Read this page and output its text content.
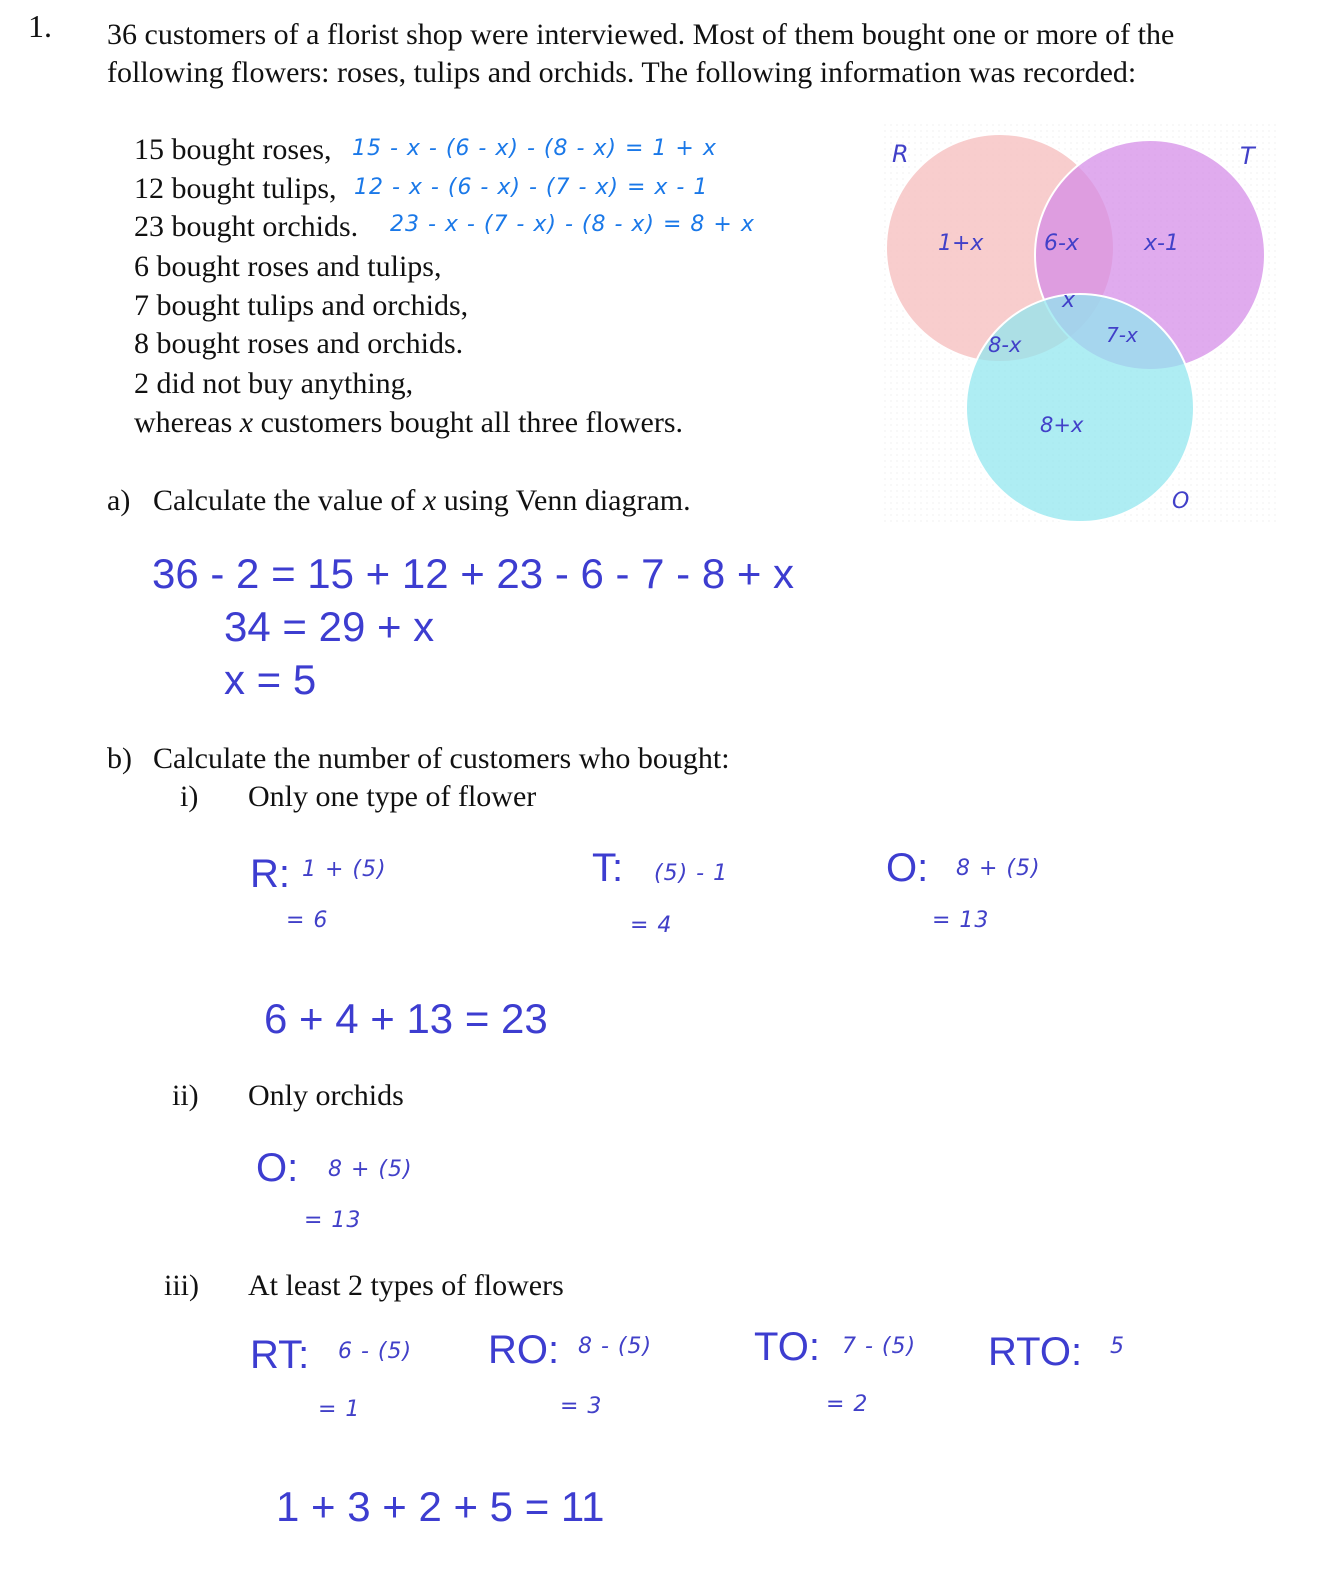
1. 36 customers of a florist shop were interviewed. Most of them bought one or more of the
following flowers: roses, tulips and orchids. The following information was recorded:
15 bought roses, 15 - x - (6 - x) - (8 - x) = 1 + x
12 bought tulips, 12 - x - (6 - x) - (7 - x) = x - 1
23 bought orchids. 23 - x - (7 - x) - (8 - x) = 8 + x
6 bought roses and tulips,
7 bought tulips and orchids,
8 bought roses and orchids.
2 did not buy anything,
whereas x customers bought all three flowers.
R	T
O
1+x	6-x	x-1
x
8-x	7-x
8+x
a) Calculate the value of x using Venn diagram.
36 - 2 = 15 + 12 + 23 - 6 - 7 - 8 + x
34 = 29 + x
x = 5
b) Calculate the number of customers who bought:
i) Only one type of flower
R: 1 + (5)
= 6
T: (5) - 1
= 4
O: 8 + (5)
= 13
6 + 4 + 13 = 23
ii) Only orchids
O: 8 + (5)
= 13
iii) At least 2 types of flowers
RT: 6 - (5)
= 1
RO: 8 - (5)
= 3
TO: 7 - (5)
= 2
RTO: 5
1 + 3 + 2 + 5 = 11
